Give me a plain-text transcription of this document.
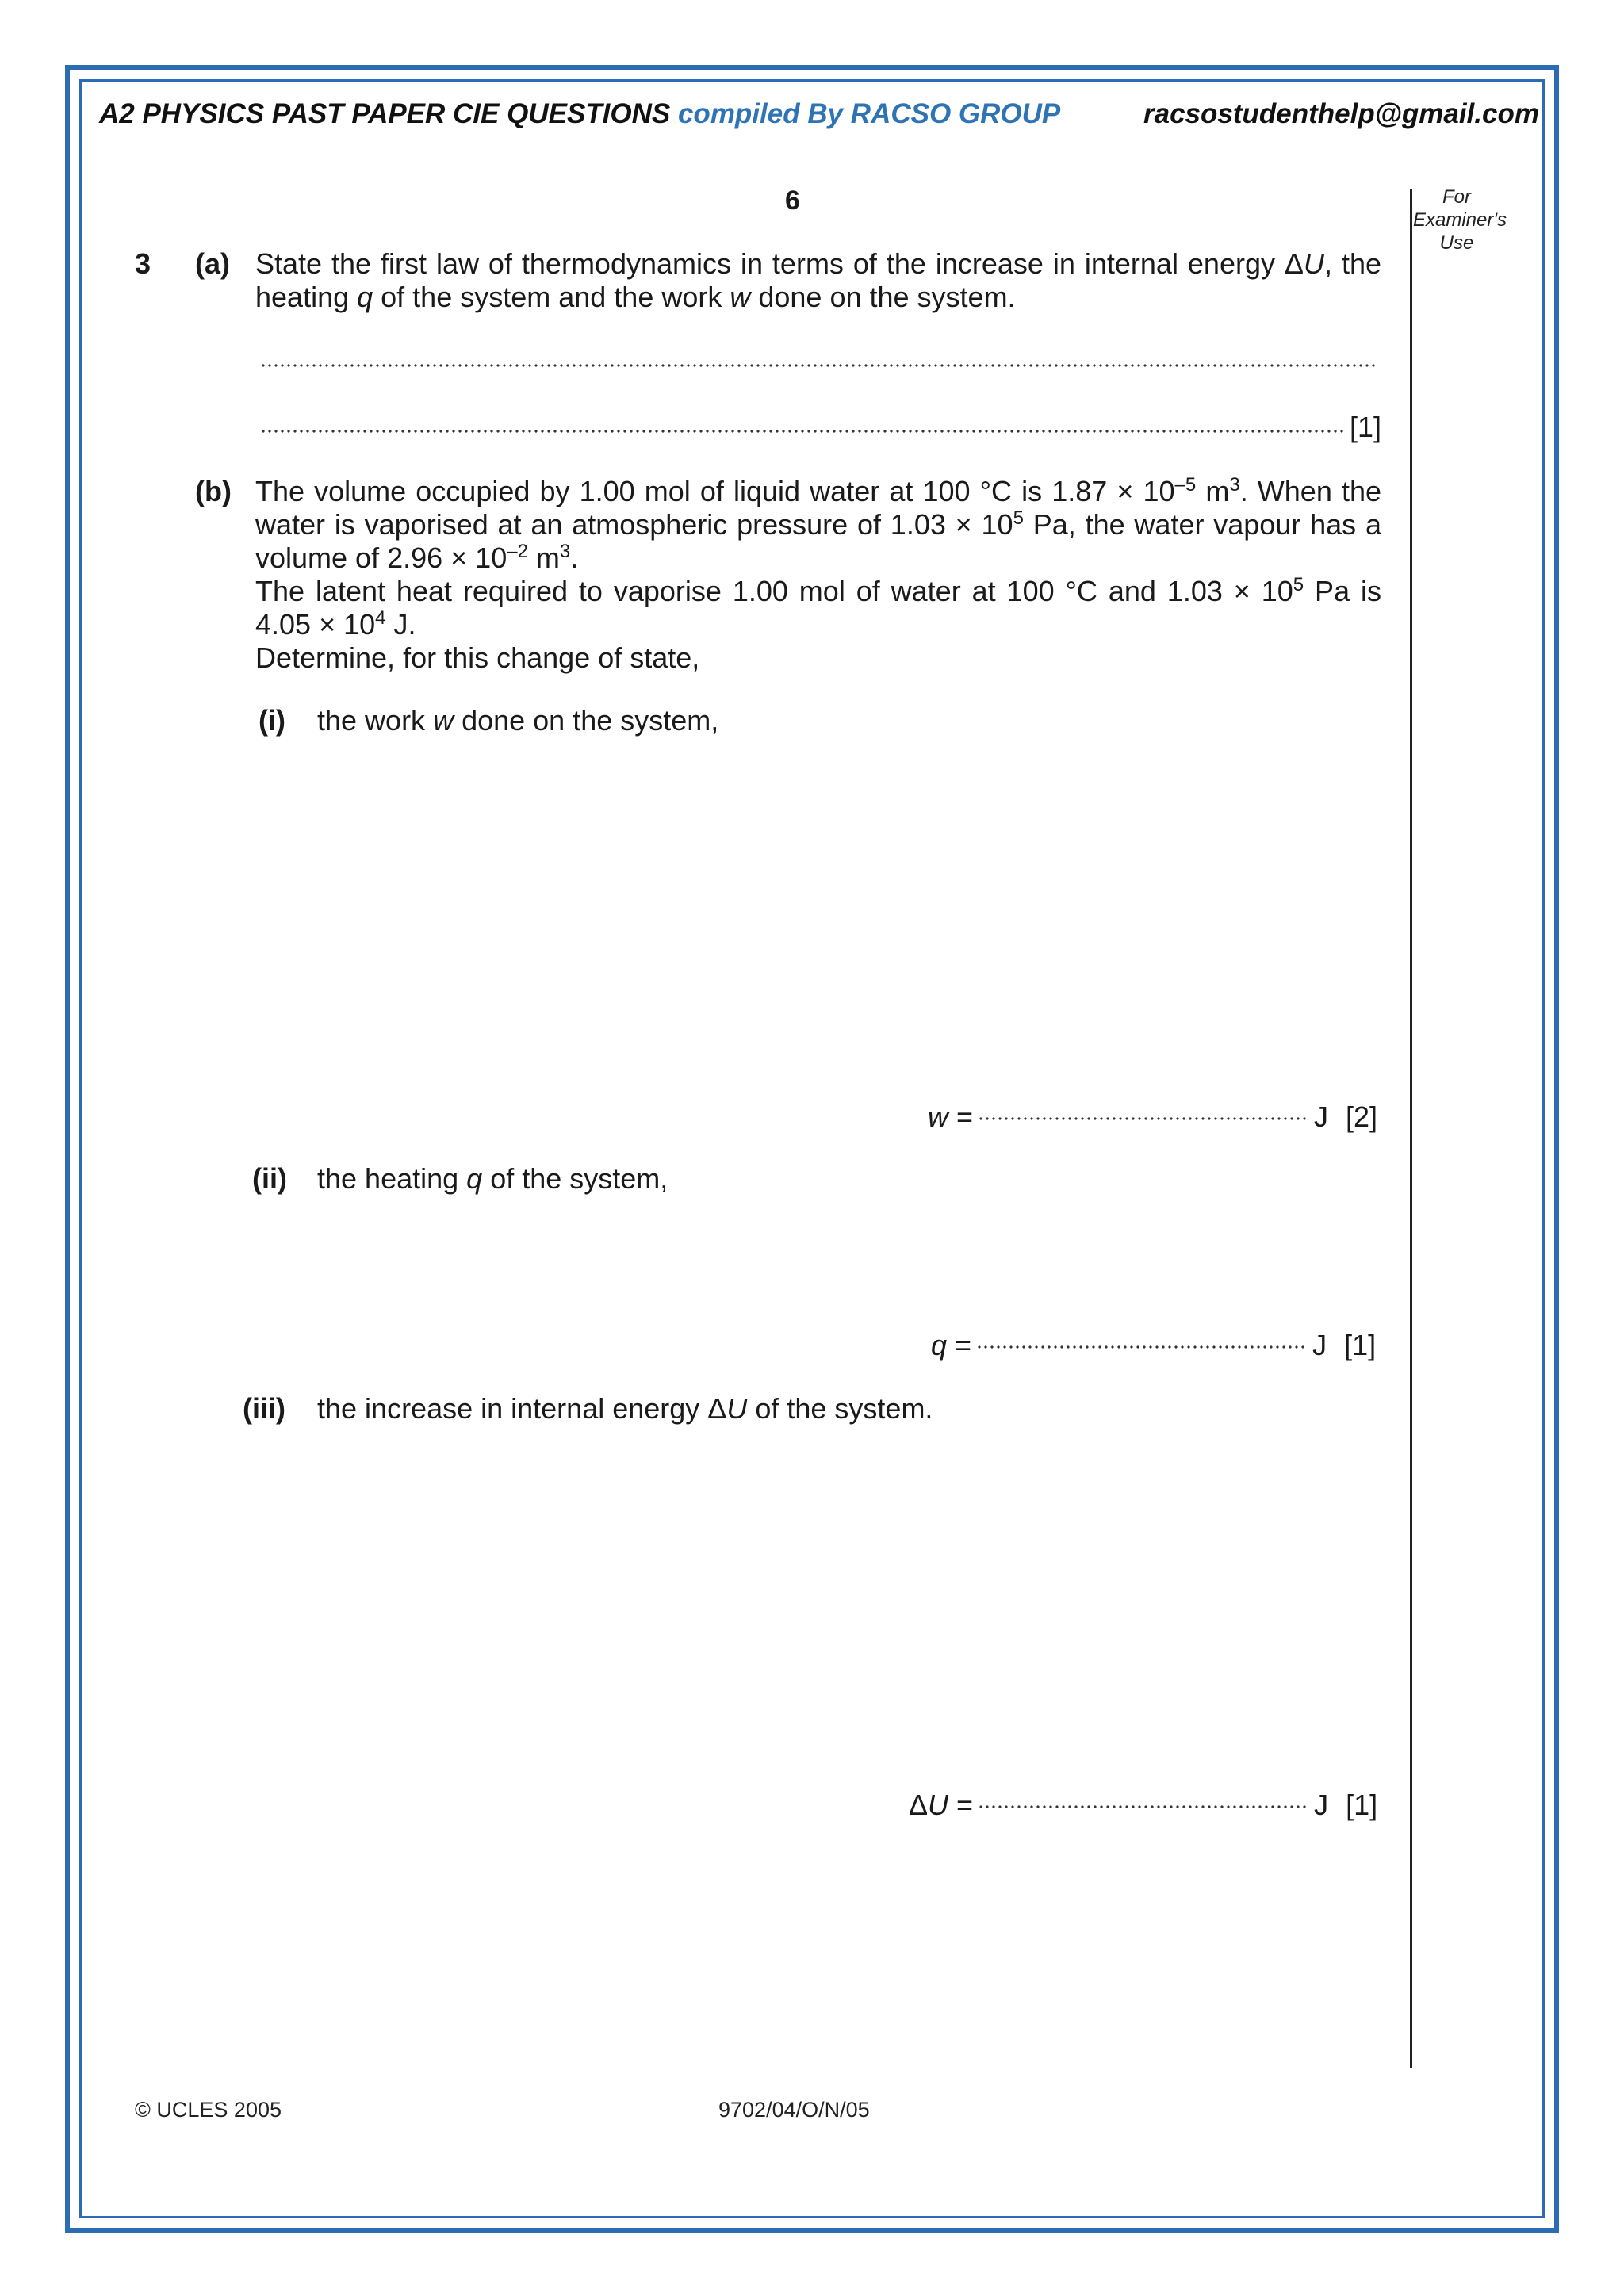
A2 PHYSICS PAST PAPER CIE QUESTIONS compiled By RACSO GROUP	racsostudenthelp@gmail.com
6	For
Examiner's
Use
3 (a) State the first law of thermodynamics in terms of the increase in internal energy ΔU, the
heating q of the system and the work w done on the system.
[1]
(b) The volume occupied by 1.00 mol of liquid water at 100 °C is $1.87 \times 10^{-5}$ $m^3$. When the
water is vaporised at an atmospheric pressure of $1.03 \times 10^5$ Pa, the water vapour has a
volume of $2.96 \times 10^{-2}$ $m^3$.
The latent heat required to vaporise 1.00 mol of water at 100 °C and $1.03 \times 10^5$ Pa is
$4.05 \times 10^4$ J.
Determine, for this change of state,
(i) the work w done on the system,
w =	J [2]
(ii) the heating q of the system,
q =	J [1]
(iii) the increase in internal energy ΔU of the system.
ΔU =	J [1]
© UCLES 2005	9702/04/O/N/05
